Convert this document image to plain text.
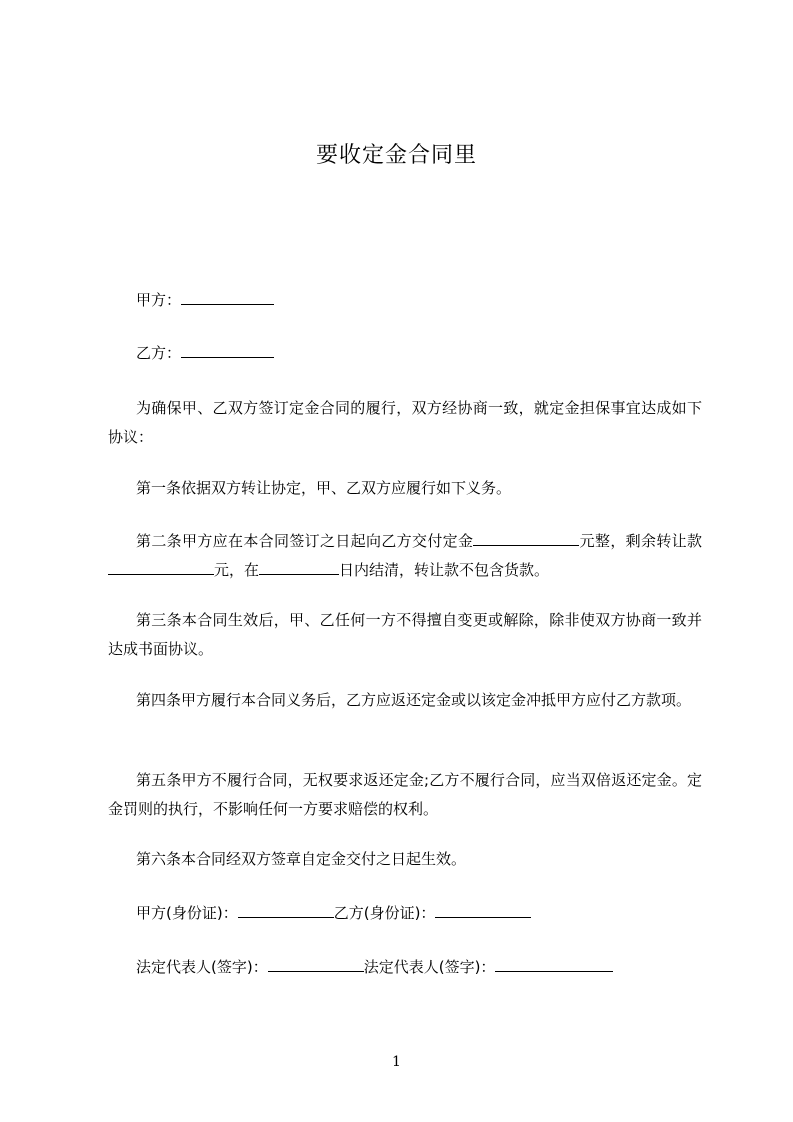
要收定金合同里
甲方：
乙方：
为确保甲、乙双方签订定金合同的履行，双方经协商一致，就定金担保事宜达成如下协议：
第一条依据双方转让协定，甲、乙双方应履行如下义务。
第二条甲方应在本合同签订之日起向乙方交付定金	元整，剩余转让款元，在	日内结清，转让款不包含货款。
第三条本合同生效后，甲、乙任何一方不得擅自变更或解除，除非使双方协商一致并达成书面协议。
第四条甲方履行本合同义务后，乙方应返还定金或以该定金冲抵甲方应付乙方款项。
第五条甲方不履行合同，无权要求返还定金;乙方不履行合同，应当双倍返还定金。定金罚则的执行，不影响任何一方要求赔偿的权利。
第六条本合同经双方签章自定金交付之日起生效。
甲方(身份证)：	乙方(身份证)：
法定代表人(签字)：	法定代表人(签字)：
1
